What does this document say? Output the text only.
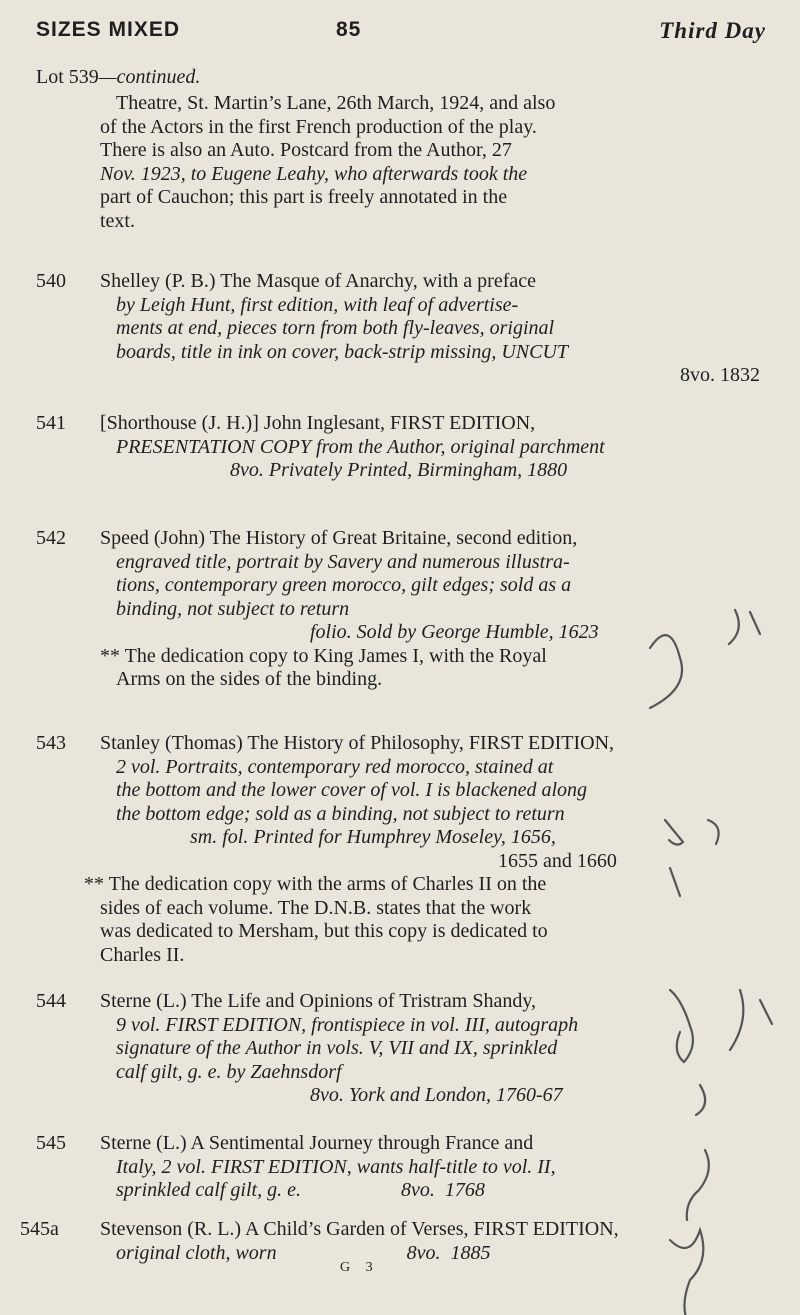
SIZES MIXED	85	Third Day
Lot 539—continued.
Theatre, St. Martin’s Lane, 26th March, 1924, and also
of the Actors in the first French production of the play.
There is also an Auto. Postcard from the Author, 27
Nov. 1923, to Eugene Leahy, who afterwards took the
part of Cauchon; this part is freely annotated in the
text.
540	Shelley (P. B.) The Masque of Anarchy, with a preface
by Leigh Hunt, first edition, with leaf of advertise-
ments at end, pieces torn from both fly-leaves, original
boards, title in ink on cover, back-strip missing, UNCUT
8vo. 1832
541	[Shorthouse (J. H.)] John Inglesant, FIRST EDITION,
PRESENTATION COPY from the Author, original parchment
8vo. Privately Printed, Birmingham, 1880
542	Speed (John) The History of Great Britaine, second edition,
engraved title, portrait by Savery and numerous illustra-
tions, contemporary green morocco, gilt edges; sold as a
binding, not subject to return
folio. Sold by George Humble, 1623
** The dedication copy to King James I, with the Royal
Arms on the sides of the binding.
543	Stanley (Thomas) The History of Philosophy, FIRST EDITION,
2 vol. Portraits, contemporary red morocco, stained at
the bottom and the lower cover of vol. I is blackened along
the bottom edge; sold as a binding, not subject to return
sm. fol. Printed for Humphrey Moseley, 1656,
1655 and 1660
** The dedication copy with the arms of Charles II on the
sides of each volume. The D.N.B. states that the work
was dedicated to Mersham, but this copy is dedicated to
Charles II.
544	Sterne (L.) The Life and Opinions of Tristram Shandy,
9 vol. FIRST EDITION, frontispiece in vol. III, autograph
signature of the Author in vols. V, VII and IX, sprinkled
calf gilt, g. e. by Zaehnsdorf
8vo. York and London, 1760-67
545	Sterne (L.) A Sentimental Journey through France and
Italy, 2 vol. FIRST EDITION, wants half-title to vol. II,
sprinkled calf gilt, g. e.                    8vo.  1768
545a	Stevenson (R. L.) A Child’s Garden of Verses, FIRST EDITION,
original cloth, worn                          8vo.  1885
G 3
